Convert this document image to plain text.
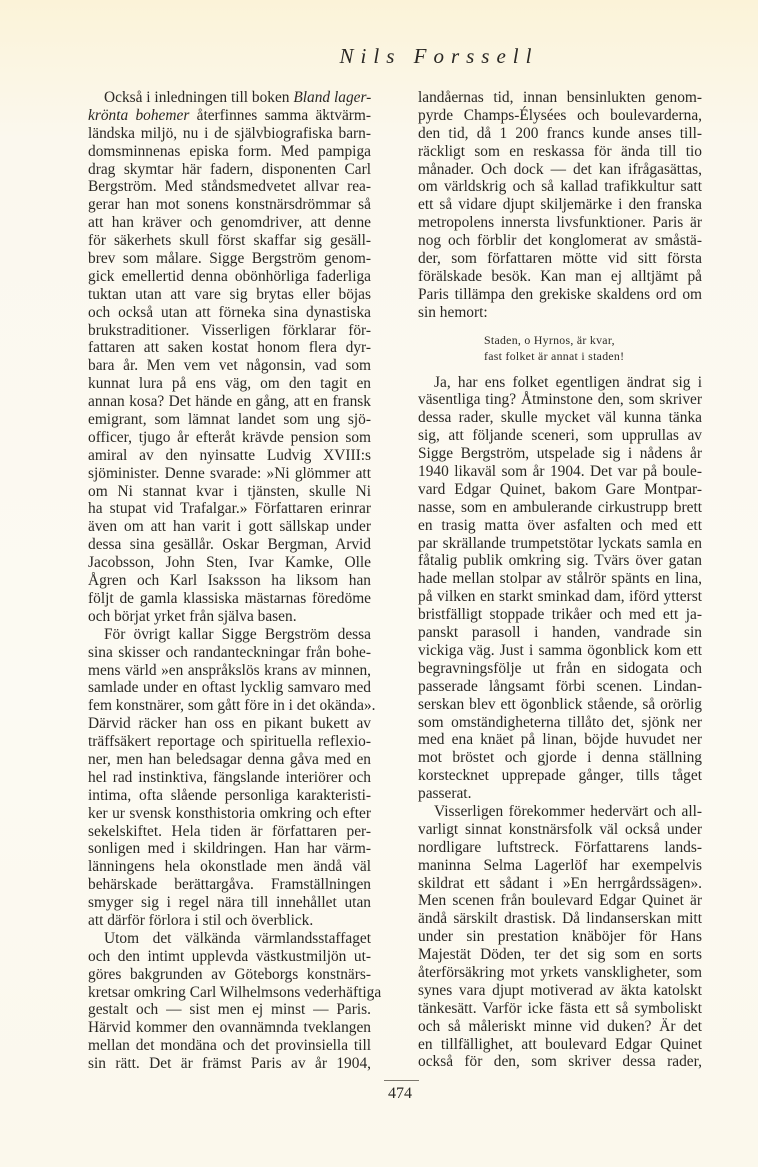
Nils Forssell
Också i inledningen till boken Bland lager-
krönta bohemer återfinnes samma äktvärm-
ländska miljö, nu i de självbiografiska barn-
domsminnenas episka form. Med pampiga
drag skymtar här fadern, disponenten Carl
Bergström. Med ståndsmedvetet allvar rea-
gerar han mot sonens konstnärsdrömmar så
att han kräver och genomdriver, att denne
för säkerhets skull först skaffar sig gesäll-
brev som målare. Sigge Bergström genom-
gick emellertid denna obönhörliga faderliga
tuktan utan att vare sig brytas eller böjas
och också utan att förneka sina dynastiska
brukstraditioner. Visserligen förklarar för-
fattaren att saken kostat honom flera dyr-
bara år. Men vem vet någonsin, vad som
kunnat lura på ens väg, om den tagit en
annan kosa? Det hände en gång, att en fransk
emigrant, som lämnat landet som ung sjö-
officer, tjugo år efteråt krävde pension som
amiral av den nyinsatte Ludvig XVIII:s
sjöminister. Denne svarade: »Ni glömmer att
om Ni stannat kvar i tjänsten, skulle Ni
ha stupat vid Trafalgar.» Författaren erinrar
även om att han varit i gott sällskap under
dessa sina gesällår. Oskar Bergman, Arvid
Jacobsson, John Sten, Ivar Kamke, Olle
Ågren och Karl Isaksson ha liksom han
följt de gamla klassiska mästarnas föredöme
och börjat yrket från själva basen.
För övrigt kallar Sigge Bergström dessa
sina skisser och randanteckningar från bohe-
mens värld »en anspråkslös krans av minnen,
samlade under en oftast lycklig samvaro med
fem konstnärer, som gått före in i det okända».
Därvid räcker han oss en pikant bukett av
träffsäkert reportage och spirituella reflexio-
ner, men han beledsagar denna gåva med en
hel rad instinktiva, fängslande interiörer och
intima, ofta slående personliga karakteristi-
ker ur svensk konsthistoria omkring och efter
sekelskiftet. Hela tiden är författaren per-
sonligen med i skildringen. Han har värm-
länningens hela okonstlade men ändå väl
behärskade berättargåva. Framställningen
smyger sig i regel nära till innehållet utan
att därför förlora i stil och överblick.
Utom det välkända värmlandsstaffaget
och den intimt upplevda västkustmiljön ut-
göres bakgrunden av Göteborgs konstnärs-
kretsar omkring Carl Wilhelmsons vederhäftiga
gestalt och — sist men ej minst — Paris.
Härvid kommer den ovannämnda tveklangen
mellan det mondäna och det provinsiella till
sin rätt. Det är främst Paris av år 1904,
landåernas tid, innan bensinlukten genom-
pyrde Champs-Élysées och boulevarderna,
den tid, då 1 200 francs kunde anses till-
räckligt som en reskassa för ända till tio
månader. Och dock — det kan ifrågasättas,
om världskrig och så kallad trafikkultur satt
ett så vidare djupt skiljemärke i den franska
metropolens innersta livsfunktioner. Paris är
nog och förblir det konglomerat av småstä-
der, som författaren mötte vid sitt första
förälskade besök. Kan man ej alltjämt på
Paris tillämpa den grekiske skaldens ord om
sin hemort:
Staden, o Hyrnos, är kvar,
fast folket är annat i staden!
Ja, har ens folket egentligen ändrat sig i
väsentliga ting? Åtminstone den, som skriver
dessa rader, skulle mycket väl kunna tänka
sig, att följande sceneri, som upprullas av
Sigge Bergström, utspelade sig i nådens år
1940 likaväl som år 1904. Det var på boule-
vard Edgar Quinet, bakom Gare Montpar-
nasse, som en ambulerande cirkustrupp brett
en trasig matta över asfalten och med ett
par skrällande trumpetstötar lyckats samla en
fåtalig publik omkring sig. Tvärs över gatan
hade mellan stolpar av stålrör spänts en lina,
på vilken en starkt sminkad dam, iförd ytterst
bristfälligt stoppade trikåer och med ett ja-
panskt parasoll i handen, vandrade sin
vickiga väg. Just i samma ögonblick kom ett
begravningsfölje ut från en sidogata och
passerade långsamt förbi scenen. Lindan-
serskan blev ett ögonblick stående, så orörlig
som omständigheterna tillåto det, sjönk ner
med ena knäet på linan, böjde huvudet ner
mot bröstet och gjorde i denna ställning
korstecknet upprepade gånger, tills tåget
passerat.
Visserligen förekommer hedervärt och all-
varligt sinnat konstnärsfolk väl också under
nordligare luftstreck. Författarens lands-
maninna Selma Lagerlöf har exempelvis
skildrat ett sådant i »En herrgårdssägen».
Men scenen från boulevard Edgar Quinet är
ändå särskilt drastisk. Då lindanserskan mitt
under sin prestation knäböjer för Hans
Majestät Döden, ter det sig som en sorts
återförsäkring mot yrkets vanskligheter, som
synes vara djupt motiverad av äkta katolskt
tänkesätt. Varför icke fästa ett så symboliskt
och så måleriskt minne vid duken? Är det
en tillfällighet, att boulevard Edgar Quinet
också för den, som skriver dessa rader,
474
